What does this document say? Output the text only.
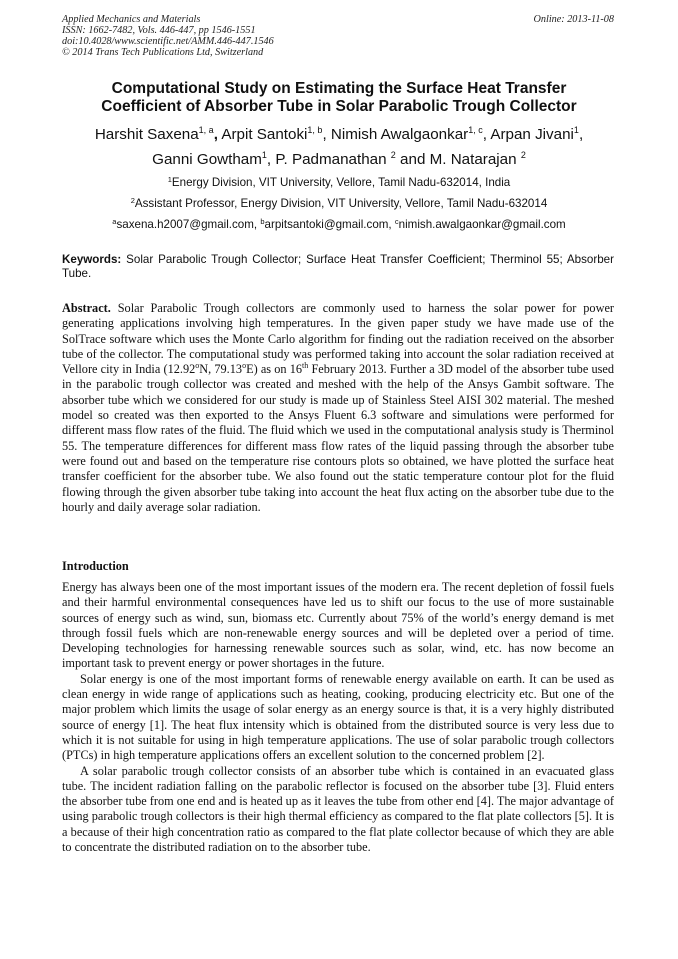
Applied Mechanics and Materials
ISSN: 1662-7482, Vols. 446-447, pp 1546-1551
doi:10.4028/www.scientific.net/AMM.446-447.1546
© 2014 Trans Tech Publications Ltd, Switzerland
Online: 2013-11-08
Computational Study on Estimating the Surface Heat Transfer
Coefficient of Absorber Tube in Solar Parabolic Trough Collector
Harshit Saxena$^{1, a}$, Arpit Santoki$^{1, b}$, Nimish Awalgaonkar$^{1, c}$, Arpan Jivani$^1$,
Ganni Gowtham$^1$, P. Padmanathan $^2$ and M. Natarajan $^2$
$^1$Energy Division, VIT University, Vellore, Tamil Nadu-632014, India
$^2$Assistant Professor, Energy Division, VIT University, Vellore, Tamil Nadu-632014
$^a$saxena.h2007@gmail.com, $^b$arpitsantoki@gmail.com, $^c$nimish.awalgaonkar@gmail.com
Keywords: Solar Parabolic Trough Collector; Surface Heat Transfer Coefficient; Therminol 55; Absorber Tube.
Abstract. Solar Parabolic Trough collectors are commonly used to harness the solar power for power generating applications involving high temperatures. In the given paper study we have made use of the SolTrace software which uses the Monte Carlo algorithm for finding out the radiation received on the absorber tube of the collector. The computational study was performed taking into account the solar radiation received at Vellore city in India (12.92$^o$N, 79.13$^o$E) as on 16th February 2013. Further a 3D model of the absorber tube used in the parabolic trough collector was created and meshed with the help of the Ansys Gambit software. The absorber tube which we considered for our study is made up of Stainless Steel AISI 302 material. The meshed model so created was then exported to the Ansys Fluent 6.3 software and simulations were performed for different mass flow rates of the fluid. The fluid which we used in the computational analysis study is Therminol 55. The temperature differences for different mass flow rates of the liquid passing through the absorber tube were found out and based on the temperature rise contours plots so obtained, we have plotted the surface heat transfer coefficient for the absorber tube. We also found out the static temperature contour plot for the fluid flowing through the given absorber tube taking into account the heat flux acting on the absorber tube due to the hourly and daily average solar radiation.
Introduction

Energy has always been one of the most important issues of the modern era. The recent depletion of fossil fuels and their harmful environmental consequences have led us to shift our focus to the use of more sustainable sources of energy such as wind, sun, biomass etc. Currently about 75% of the world’s energy demand is met through fossil fuels which are non-renewable energy sources and will be depleted over a period of time. Developing technologies for harnessing renewable sources such as solar, wind, etc. has now become an important task to prevent energy or power shortages in the future.

Solar energy is one of the most important forms of renewable energy available on earth. It can be used as clean energy in wide range of applications such as heating, cooking, producing electricity etc. But one of the major problem which limits the usage of solar energy as an energy source is that, it is a very highly distributed source of energy [1]. The heat flux intensity which is obtained from the distributed source is very less due to which it is not suitable for using in high temperature applications. The use of solar parabolic trough collectors (PTCs) in high temperature applications offers an excellent solution to the concerned problem [2].

A solar parabolic trough collector consists of an absorber tube which is contained in an evacuated glass tube. The incident radiation falling on the parabolic reflector is focused on the absorber tube [3]. Fluid enters the absorber tube from one end and is heated up as it leaves the tube from other end [4]. The major advantage of using parabolic trough collectors is their high thermal efficiency as compared to the flat plate collectors [5]. It is a because of their high concentration ratio as compared to the flat plate collector because of which they are able to concentrate the distributed radiation on to the absorber tube.
